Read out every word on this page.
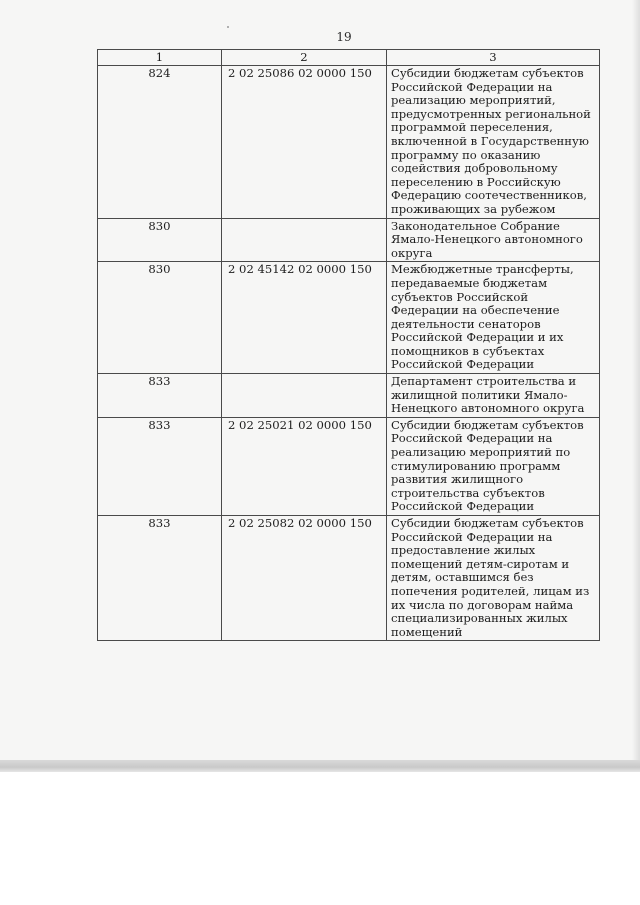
19
1	2	3
824	2 02 25086 02 0000 150	Субсидии бюджетам субъектов Российской Федерации на реализацию мероприятий, предусмотренных региональной программой переселения, включенной в Государственную программу по оказанию содействия добровольному переселению в Российскую Федерацию соотечественников, проживающих за рубежом
830		Законодательное Собрание Ямало-Ненецкого автономного округа
830	2 02 45142 02 0000 150	Межбюджетные трансферты, передаваемые бюджетам субъектов Российской Федерации на обеспечение деятельности сенаторов Российской Федерации и их помощников в субъектах Российской Федерации
833		Департамент строительства и жилищной политики Ямало-Ненецкого автономного округа
833	2 02 25021 02 0000 150	Субсидии бюджетам субъектов Российской Федерации на реализацию мероприятий по стимулированию программ развития жилищного строительства субъектов Российской Федерации
833	2 02 25082 02 0000 150	Субсидии бюджетам субъектов Российской Федерации на предоставление жилых помещений детям-сиротам и детям, оставшимся без попечения родителей, лицам из их числа по договорам найма специализированных жилых помещений
